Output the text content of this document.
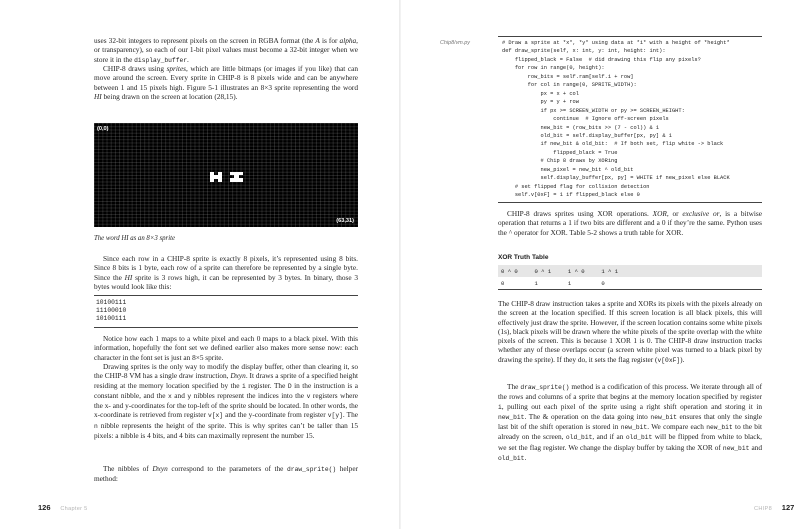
uses 32-bit integers to represent pixels on the screen in RGBA format (the A is for alpha, or transparency), so each of our 1-bit pixel values must become a 32-bit integer when we store it in the display_buffer.

CHIP-8 draws using sprites, which are little bitmaps (or images if you like) that can move around the screen. Every sprite in CHIP-8 is 8 pixels wide and can be anywhere between 1 and 15 pixels high. Figure 5-1 illustrates an 8×3 sprite representing the word HI being drawn on the screen at location (28,15).

(0,0)
(63,31)

The word HI as an 8×3 sprite

Since each row in a CHIP-8 sprite is exactly 8 pixels, it’s represented using 8 bits. Since 8 bits is 1 byte, each row of a sprite can therefore be represented by a single byte. Since the HI sprite is 3 rows high, it can be represented by 3 bytes. In binary, those 3 bytes would look like this:

10100111
11100010
10100111

Notice how each 1 maps to a white pixel and each 0 maps to a black pixel. With this information, hopefully the font set we defined earlier also makes more sense now: each character in the font set is just an 8×5 sprite.

Drawing sprites is the only way to modify the display buffer, other than clearing it, so the CHIP-8 VM has a single draw instruction, Dxyn. It draws a sprite of a specified height residing at the memory location specified by the i register. The D in the instruction is a constant nibble, and the x and y nibbles represent the indices into the v registers where the x- and y-coordinates for the top-left of the sprite should be located. In other words, the x-coordinate is retrieved from register v[x] and the y-coordinate from register v[y]. The n nibble represents the height of the sprite. This is why sprites can’t be taller than 15 pixels: a nibble is 4 bits, and 4 bits can maximally represent the number 15.

The nibbles of Dxyn correspond to the parameters of the draw_sprite() helper method:

126 Chapter 5
Chip8/vm.py	# Draw a sprite at *x*, *y* using data at *i* with a height of *height*
def draw_sprite(self, x: int, y: int, height: int):
flipped_black = False  # did drawing this flip any pixels?
for row in range(0, height):
row_bits = self.ram[self.i + row]
for col in range(0, SPRITE_WIDTH):
px = x + col
py = y + row
if px >= SCREEN_WIDTH or py >= SCREEN_HEIGHT:
continue  # Ignore off-screen pixels
new_bit = (row_bits >> (7 - col)) & 1
old_bit = self.display_buffer[px, py] & 1
if new_bit & old_bit:  # If both set, flip white -> black
flipped_black = True
# Chip 8 draws by XORing
new_pixel = new_bit ^ old_bit
self.display_buffer[px, py] = WHITE if new_pixel else BLACK
# set flipped flag for collision detection
self.v[0xF] = 1 if flipped_black else 0

CHIP-8 draws sprites using XOR operations. XOR, or exclusive or, is a bitwise operation that returns a 1 if two bits are different and a 0 if they’re the same. Python uses the ^ operator for XOR. Table 5-2 shows a truth table for XOR.

XOR Truth Table

0 ^ 0	0 ^ 1	1 ^ 0	1 ^ 1
0	1	1	0

The CHIP-8 draw instruction takes a sprite and XORs its pixels with the pixels already on the screen at the location specified. If this screen location is all black pixels, this will effectively just draw the sprite. However, if the screen location contains some white pixels (1s), black pixels will be drawn where the white pixels of the sprite overlap with the white pixels of the screen. This is because 1 XOR 1 is 0. The CHIP-8 draw instruction tracks whether any of these overlaps occur (a screen white pixel was turned to a black pixel by drawing the sprite). If they do, it sets the flag register (v[0xF]).

The draw_sprite() method is a codification of this process. We iterate through all of the rows and columns of a sprite that begins at the memory location specified by register i, pulling out each pixel of the sprite using a right shift operation and storing it in new_bit. The & operation on the data going into new_bit ensures that only the single last bit of the shift operation is stored in new_bit. We compare each new_bit to the bit already on the screen, old_bit, and if an old_bit will be flipped from white to black, we set the flag register. We change the display buffer by taking the XOR of new_bit and old_bit.

CHIP8 127
